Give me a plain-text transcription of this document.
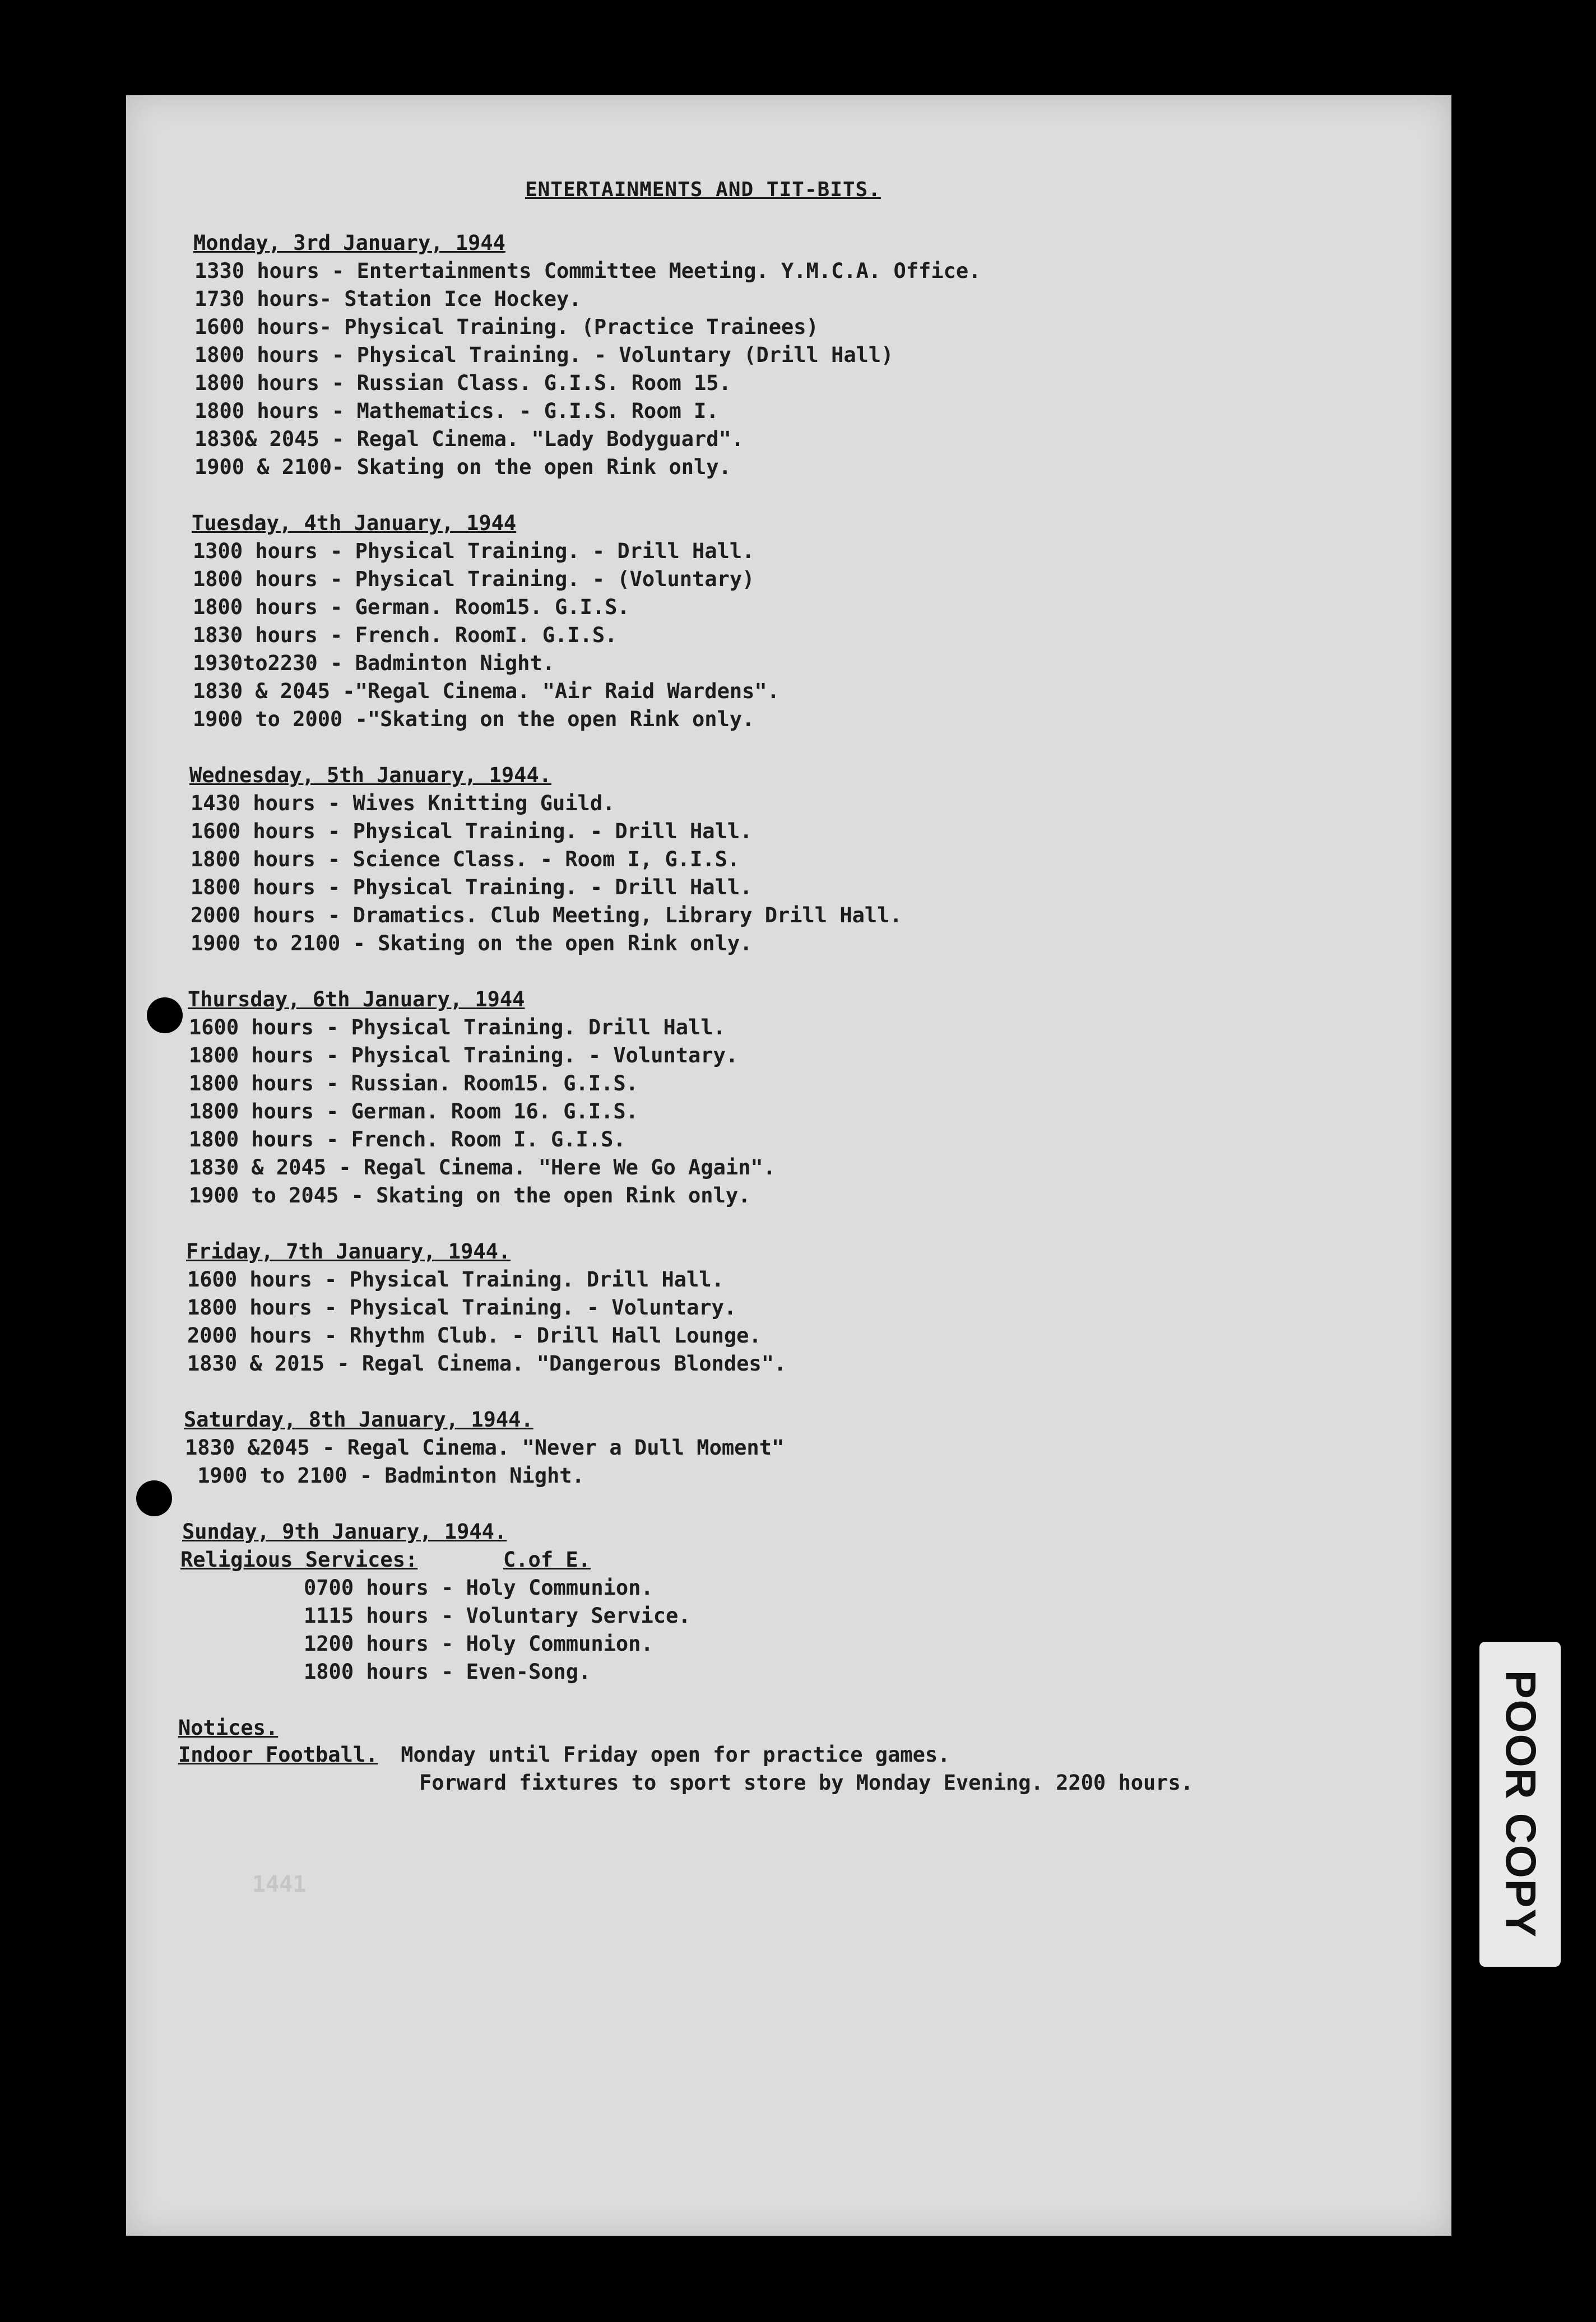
ENTERTAINMENTS AND TIT-BITS.
Monday, 3rd January, 1944
1330 hours - Entertainments Committee Meeting. Y.M.C.A. Office.
1730 hours- Station Ice Hockey.
1600 hours- Physical Training. (Practice Trainees)
1800 hours - Physical Training. - Voluntary (Drill Hall)
1800 hours - Russian Class. G.I.S. Room 15.
1800 hours - Mathematics. - G.I.S. Room I.
1830& 2045 - Regal Cinema. "Lady Bodyguard".
1900 & 2100- Skating on the open Rink only.
Tuesday, 4th January, 1944
1300 hours - Physical Training. - Drill Hall.
1800 hours - Physical Training. - (Voluntary)
1800 hours - German. Room15. G.I.S.
1830 hours - French. RoomI. G.I.S.
1930to2230 - Badminton Night.
1830 & 2045 -"Regal Cinema. "Air Raid Wardens".
1900 to 2000 -"Skating on the open Rink only.
Wednesday, 5th January, 1944.
1430 hours - Wives Knitting Guild.
1600 hours - Physical Training. - Drill Hall.
1800 hours - Science Class. - Room I, G.I.S.
1800 hours - Physical Training. - Drill Hall.
2000 hours - Dramatics. Club Meeting, Library Drill Hall.
1900 to 2100 - Skating on the open Rink only.
Thursday, 6th January, 1944
1600 hours - Physical Training. Drill Hall.
1800 hours - Physical Training. - Voluntary.
1800 hours - Russian. Room15. G.I.S.
1800 hours - German. Room 16. G.I.S.
1800 hours - French. Room I. G.I.S.
1830 & 2045 - Regal Cinema. "Here We Go Again".
1900 to 2045 - Skating on the open Rink only.
Friday, 7th January, 1944.
1600 hours - Physical Training. Drill Hall.
1800 hours - Physical Training. - Voluntary.
2000 hours - Rhythm Club. - Drill Hall Lounge.
1830 & 2015 - Regal Cinema. "Dangerous Blondes".
Saturday, 8th January, 1944.
1830 &2045 - Regal Cinema. "Never a Dull Moment"
1900 to 2100 - Badminton Night.
Sunday, 9th January, 1944.
Religious Services:	C.of E.
0700 hours - Holy Communion.
1115 hours - Voluntary Service.
1200 hours - Holy Communion.
1800 hours - Even-Song.
Notices.
Indoor Football. Monday until Friday open for practice games.
Forward fixtures to sport store by Monday Evening. 2200 hours.
1441	POOR COPY
